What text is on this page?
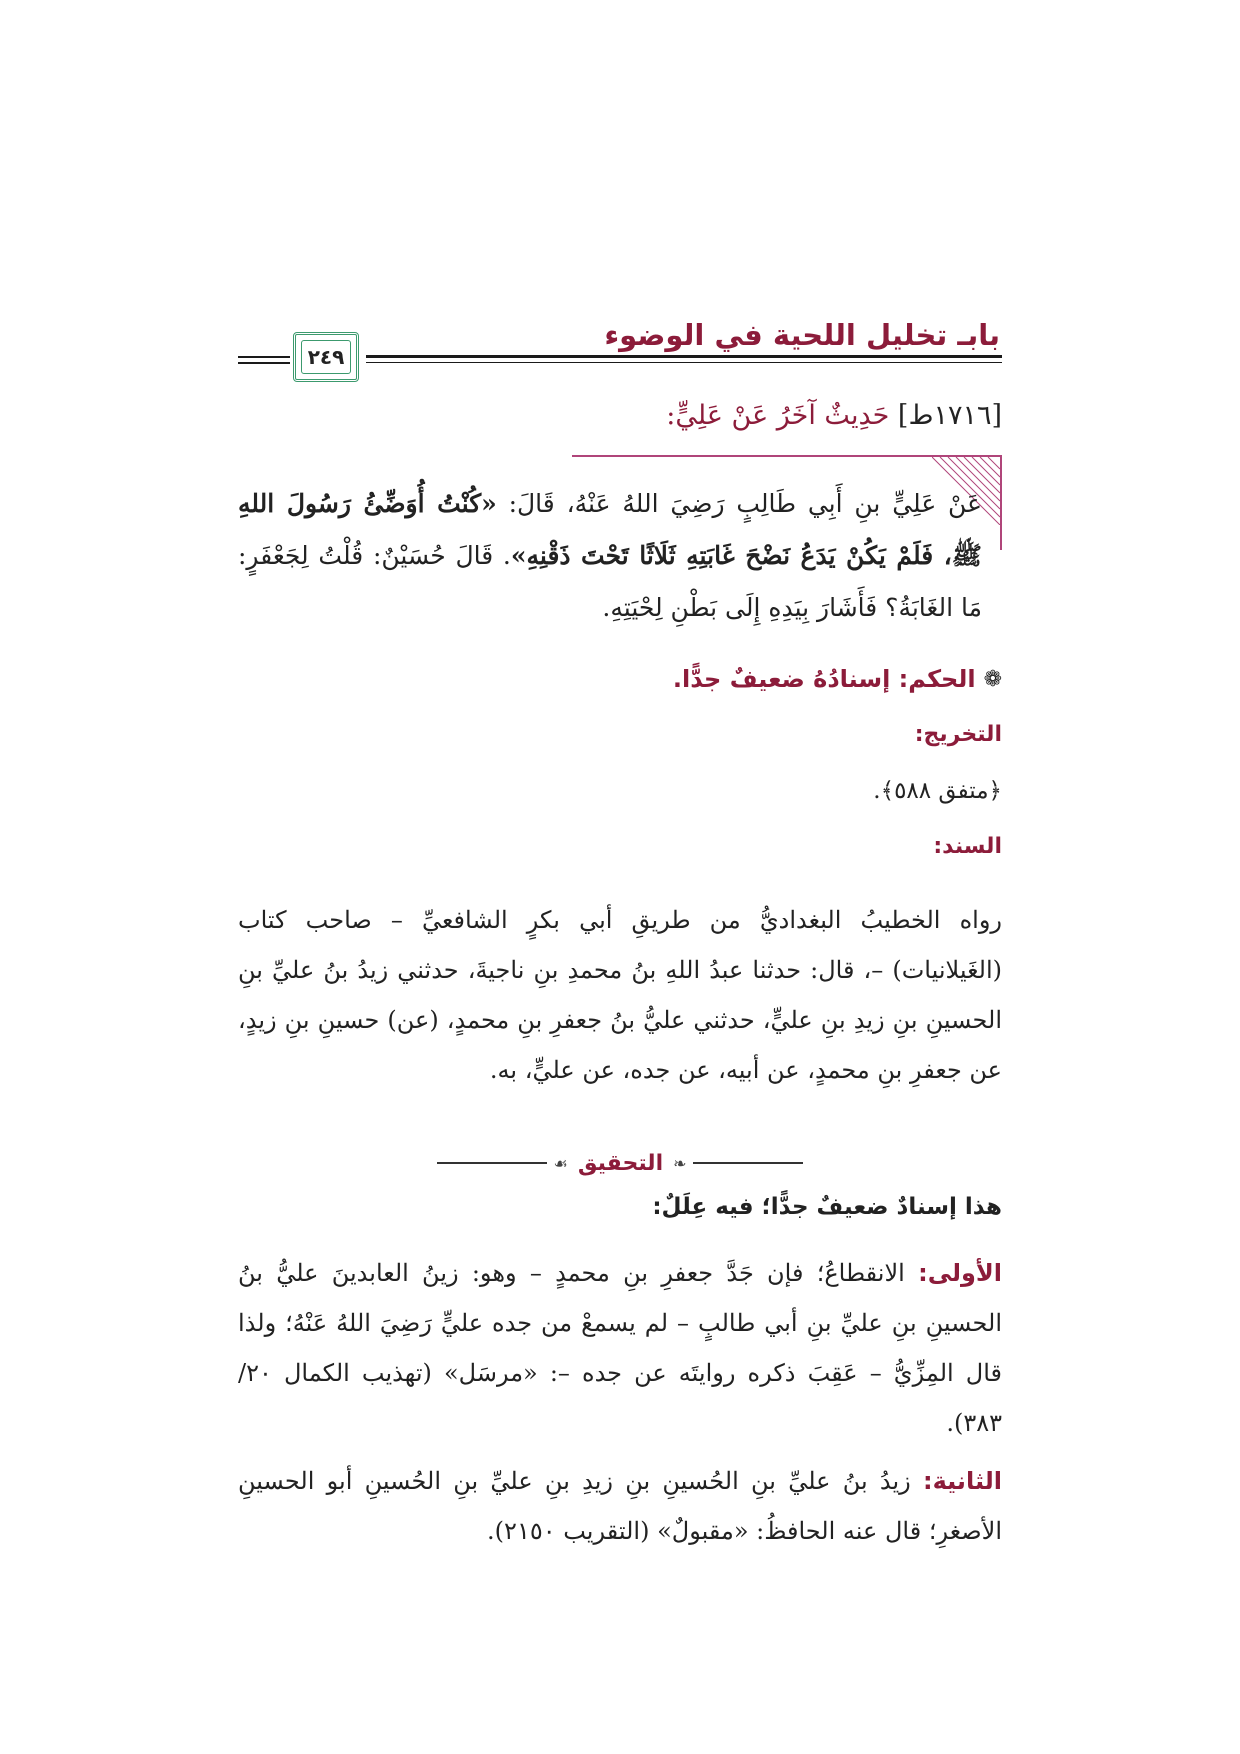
بابـ تخليل اللحية في الوضوء
٢٤٩
[١٧١٦ط] حَدِيثٌ آخَرُ عَنْ عَلِيٍّ:
عَنْ عَلِيٍّ بنِ أَبِي طَالِبٍ رَضِيَ اللهُ عَنْهُ، قَالَ: «كُنْتُ أُوَضِّئُ رَسُولَ اللهِ ﷺ، فَلَمْ يَكُنْ يَدَعُ نَضْحَ غَابَتِهِ ثَلَاثًا تَحْتَ ذَقْنِهِ». قَالَ حُسَيْنٌ: قُلْتُ لِجَعْفَرٍ: مَا الغَابَةُ؟ فَأَشَارَ بِيَدِهِ إِلَى بَطْنِ لِحْيَتِهِ.
❁
الحكم: إسنادُهُ ضعيفٌ جدًّا.
التخريج:
﴿متفق ٥٨٨﴾.
السند:
رواه الخطيبُ البغداديُّ من طريقِ أبي بكرٍ الشافعيِّ – صاحب كتاب (الغَيلانيات) –، قال: حدثنا عبدُ اللهِ بنُ محمدِ بنِ ناجيةَ، حدثني زيدُ بنُ عليِّ بنِ الحسينِ بنِ زيدِ بنِ عليٍّ، حدثني عليُّ بنُ جعفرِ بنِ محمدٍ، (عن) حسينِ بنِ زيدٍ، عن جعفرِ بنِ محمدٍ، عن أبيه، عن جده، عن عليٍّ، به.
❧
التحقيق
☙
هذا إسنادٌ ضعيفٌ جدًّا؛ فيه عِلَلٌ:
الأولى: الانقطاعُ؛ فإن جَدَّ جعفرِ بنِ محمدٍ – وهو: زينُ العابدينَ عليُّ بنُ الحسينِ بنِ عليِّ بنِ أبي طالبٍ – لم يسمعْ من جده عليٍّ رَضِيَ اللهُ عَنْهُ؛ ولذا قال المِزِّيُّ – عَقِبَ ذكره روايتَه عن جده –: «مرسَل» (تهذيب الكمال ٢٠/ ٣٨٣).
الثانية: زيدُ بنُ عليِّ بنِ الحُسينِ بنِ زيدِ بنِ عليِّ بنِ الحُسينِ أبو الحسينِ الأصغرِ؛ قال عنه الحافظُ: «مقبولٌ» (التقريب ٢١٥٠).
